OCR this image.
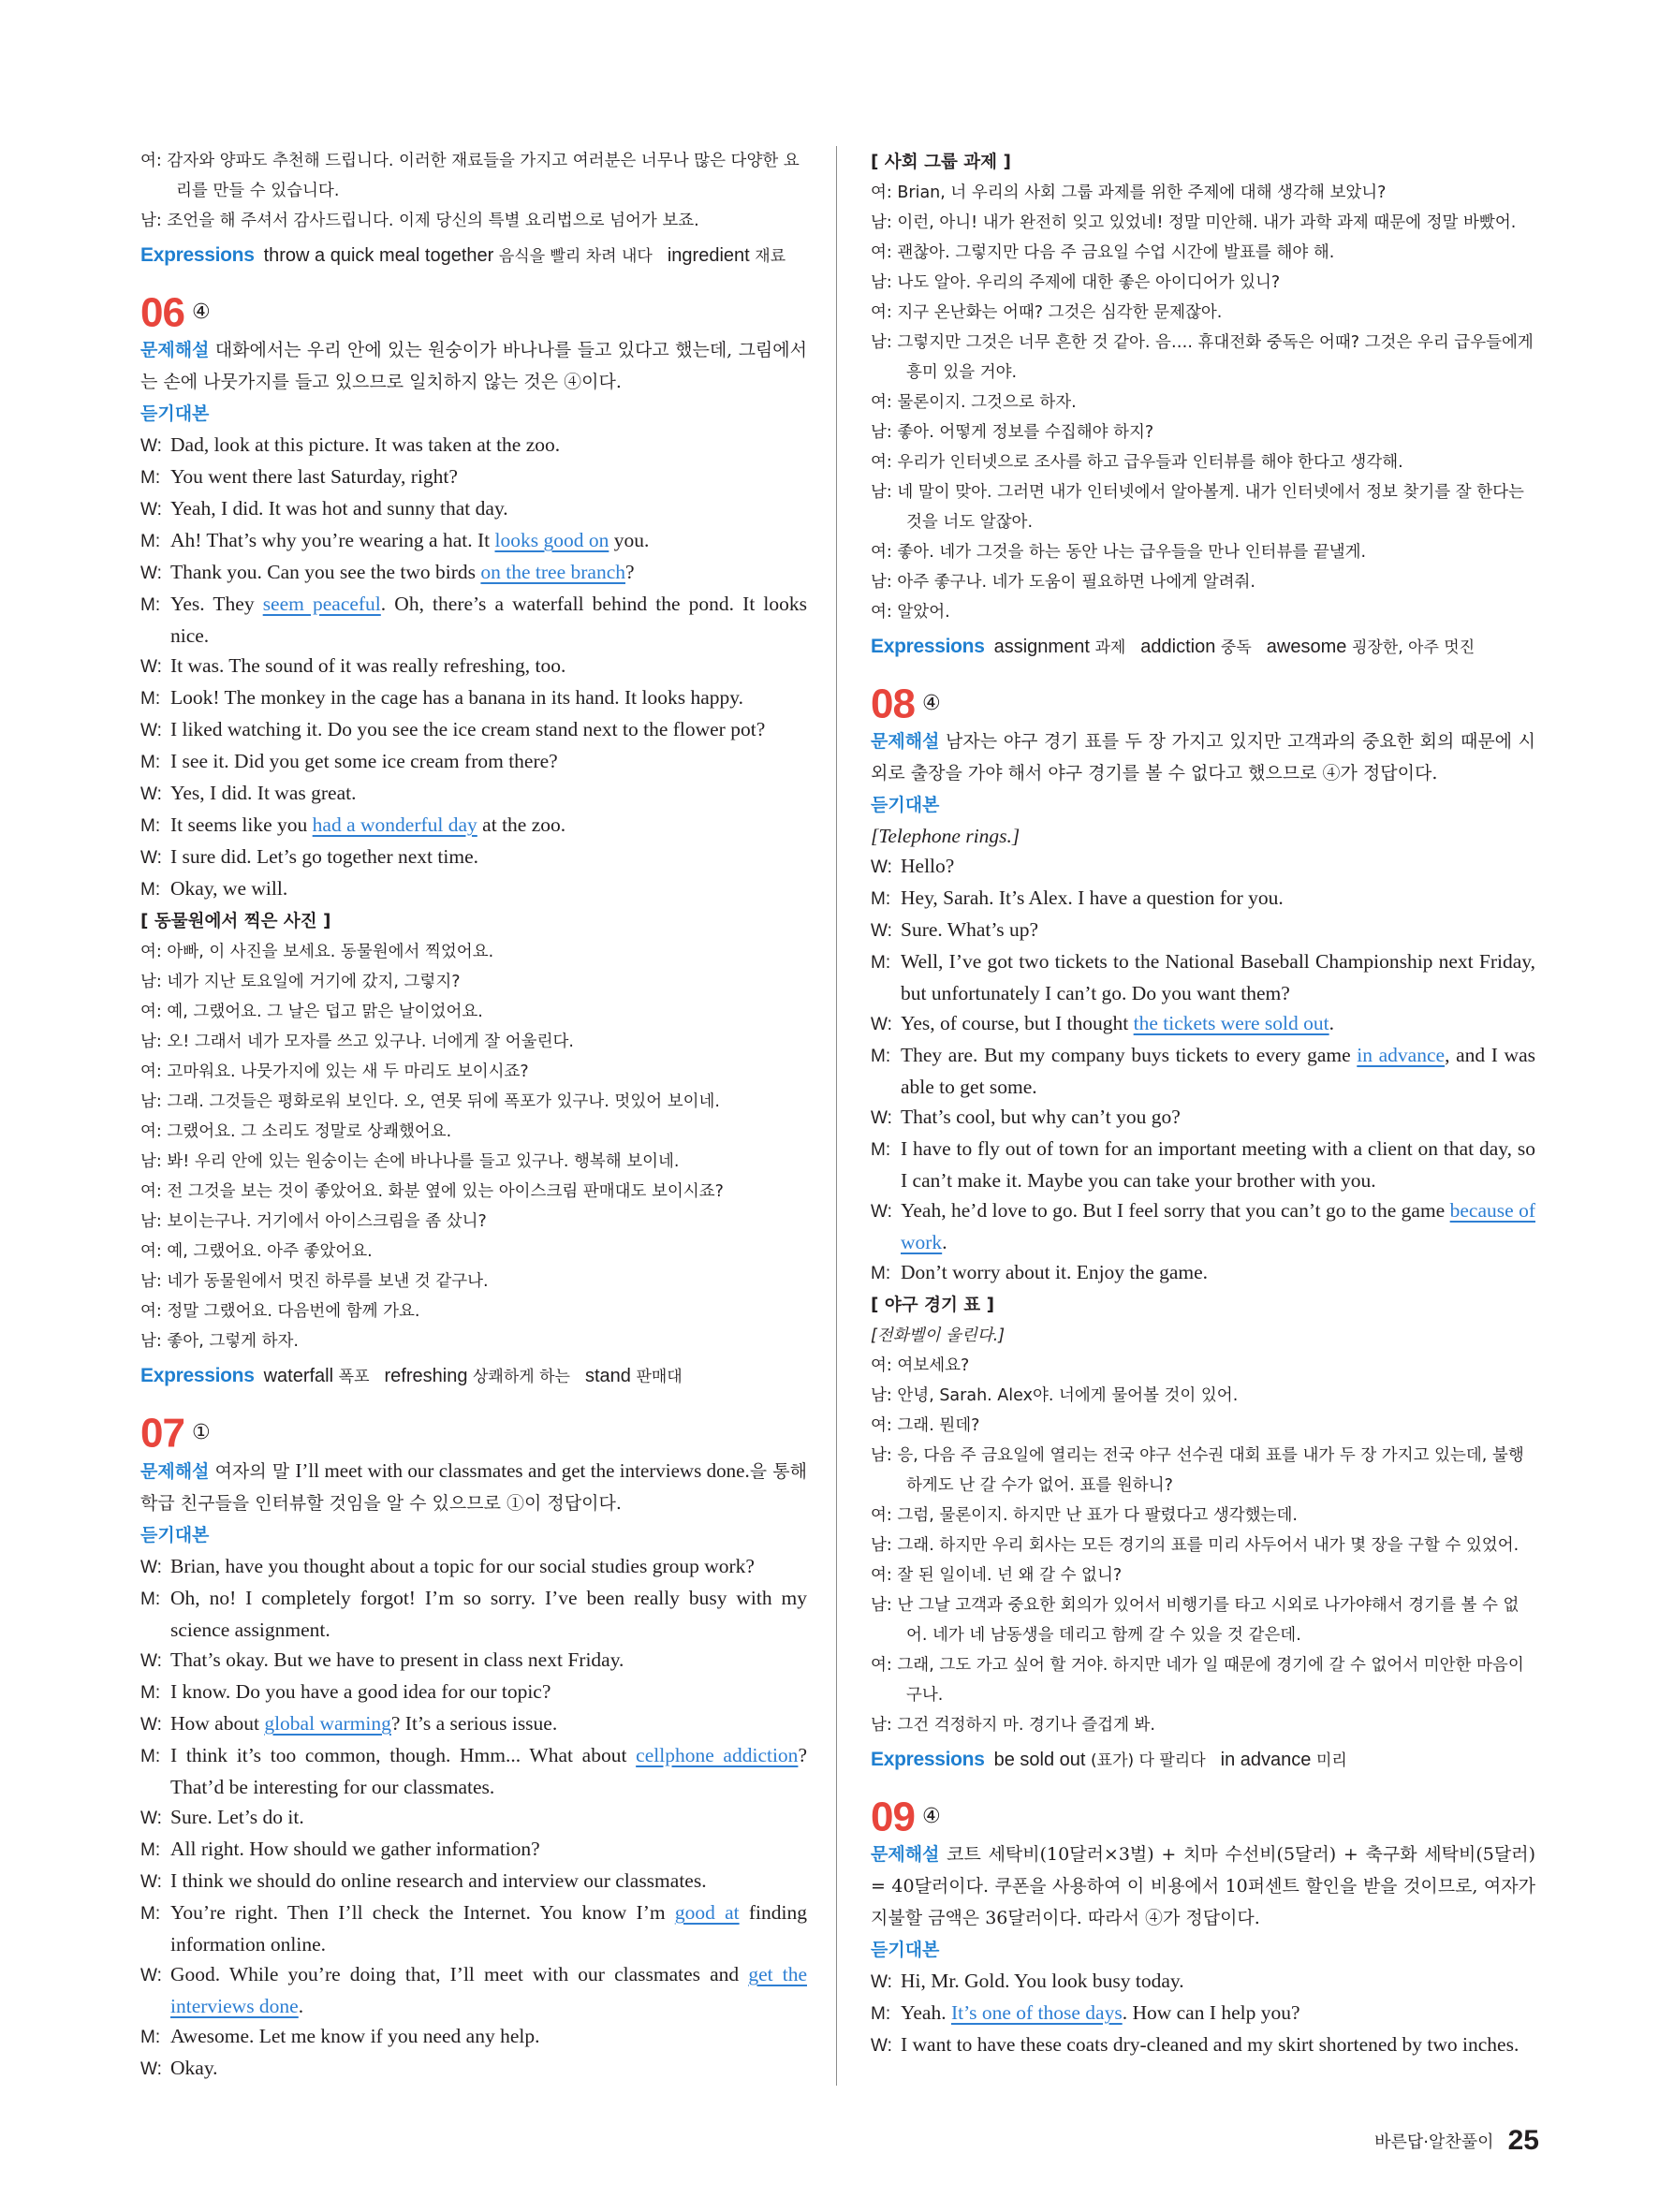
여: 감자와 양파도 추천해 드립니다. 이러한 재료들을 가지고 여러분은 너무나 많은 다양한 요리를 만들 수 있습니다.
남: 조언을 해 주셔서 감사드립니다. 이제 당신의 특별 요리법으로 넘어가 보죠.
Expressions throw a quick meal together 음식을 빨리 차려 내다 ingredient 재료
06 ④
문제해설 대화에서는 우리 안에 있는 원숭이가 바나나를 들고 있다고 했는데, 그림에서는 손에 나뭇가지를 들고 있으므로 일치하지 않는 것은 ④이다.
듣기대본
W: Dad, look at this picture. It was taken at the zoo.
M: You went there last Saturday, right?
W: Yeah, I did. It was hot and sunny that day.
M: Ah! That’s why you’re wearing a hat. It looks good on you.
W: Thank you. Can you see the two birds on the tree branch?
M: Yes. They seem peaceful. Oh, there’s a waterfall behind the pond. It looks nice.
W: It was. The sound of it was really refreshing, too.
M: Look! The monkey in the cage has a banana in its hand. It looks happy.
W: I liked watching it. Do you see the ice cream stand next to the flower pot?
M: I see it. Did you get some ice cream from there?
W: Yes, I did. It was great.
M: It seems like you had a wonderful day at the zoo.
W: I sure did. Let’s go together next time.
M: Okay, we will.
[ 동물원에서 찍은 사진 ]
여: 아빠, 이 사진을 보세요. 동물원에서 찍었어요.
남: 네가 지난 토요일에 거기에 갔지, 그렇지?
여: 예, 그랬어요. 그 날은 덥고 맑은 날이었어요.
남: 오! 그래서 네가 모자를 쓰고 있구나. 너에게 잘 어울린다.
여: 고마워요. 나뭇가지에 있는 새 두 마리도 보이시죠?
남: 그래. 그것들은 평화로워 보인다. 오, 연못 뒤에 폭포가 있구나. 멋있어 보이네.
여: 그랬어요. 그 소리도 정말로 상쾌했어요.
남: 봐! 우리 안에 있는 원숭이는 손에 바나나를 들고 있구나. 행복해 보이네.
여: 전 그것을 보는 것이 좋았어요. 화분 옆에 있는 아이스크림 판매대도 보이시죠?
남: 보이는구나. 거기에서 아이스크림을 좀 샀니?
여: 예, 그랬어요. 아주 좋았어요.
남: 네가 동물원에서 멋진 하루를 보낸 것 같구나.
여: 정말 그랬어요. 다음번에 함께 가요.
남: 좋아, 그렇게 하자.
Expressions waterfall 폭포 refreshing 상쾌하게 하는 stand 판매대
07 ①
문제해설 여자의 말 I’ll meet with our classmates and get the interviews done.을 통해 학급 친구들을 인터뷰할 것임을 알 수 있으므로 ①이 정답이다.
듣기대본
W: Brian, have you thought about a topic for our social studies group work?
M: Oh, no! I completely forgot! I’m so sorry. I’ve been really busy with my science assignment.
W: That’s okay. But we have to present in class next Friday.
M: I know. Do you have a good idea for our topic?
W: How about global warming? It’s a serious issue.
M: I think it’s too common, though. Hmm... What about cellphone addiction? That’d be interesting for our classmates.
W: Sure. Let’s do it.
M: All right. How should we gather information?
W: I think we should do online research and interview our classmates.
M: You’re right. Then I’ll check the Internet. You know I’m good at finding information online.
W: Good. While you’re doing that, I’ll meet with our classmates and get the interviews done.
M: Awesome. Let me know if you need any help.
W: Okay.
[ 사회 그룹 과제 ]
여: Brian, 너 우리의 사회 그룹 과제를 위한 주제에 대해 생각해 보았니?
남: 이런, 아니! 내가 완전히 잊고 있었네! 정말 미안해. 내가 과학 과제 때문에 정말 바빴어.
여: 괜찮아. 그렇지만 다음 주 금요일 수업 시간에 발표를 해야 해.
남: 나도 알아. 우리의 주제에 대한 좋은 아이디어가 있니?
여: 지구 온난화는 어때? 그것은 심각한 문제잖아.
남: 그렇지만 그것은 너무 흔한 것 같아. 음…. 휴대전화 중독은 어때? 그것은 우리 급우들에게 흥미 있을 거야.
여: 물론이지. 그것으로 하자.
남: 좋아. 어떻게 정보를 수집해야 하지?
여: 우리가 인터넷으로 조사를 하고 급우들과 인터뷰를 해야 한다고 생각해.
남: 네 말이 맞아. 그러면 내가 인터넷에서 알아볼게. 내가 인터넷에서 정보 찾기를 잘 한다는 것을 너도 알잖아.
여: 좋아. 네가 그것을 하는 동안 나는 급우들을 만나 인터뷰를 끝낼게.
남: 아주 좋구나. 네가 도움이 필요하면 나에게 알려줘.
여: 알았어.
Expressions assignment 과제 addiction 중독 awesome 굉장한, 아주 멋진
08 ④
문제해설 남자는 야구 경기 표를 두 장 가지고 있지만 고객과의 중요한 회의 때문에 시외로 출장을 가야 해서 야구 경기를 볼 수 없다고 했으므로 ④가 정답이다.
듣기대본
[Telephone rings.]
W: Hello?
M: Hey, Sarah. It’s Alex. I have a question for you.
W: Sure. What’s up?
M: Well, I’ve got two tickets to the National Baseball Championship next Friday, but unfortunately I can’t go. Do you want them?
W: Yes, of course, but I thought the tickets were sold out.
M: They are. But my company buys tickets to every game in advance, and I was able to get some.
W: That’s cool, but why can’t you go?
M: I have to fly out of town for an important meeting with a client on that day, so I can’t make it. Maybe you can take your brother with you.
W: Yeah, he’d love to go. But I feel sorry that you can’t go to the game because of work.
M: Don’t worry about it. Enjoy the game.
[ 야구 경기 표 ]
[전화벨이 울린다.]
여: 여보세요?
남: 안녕, Sarah. Alex야. 너에게 물어볼 것이 있어.
여: 그래. 뭔데?
남: 응, 다음 주 금요일에 열리는 전국 야구 선수권 대회 표를 내가 두 장 가지고 있는데, 불행하게도 난 갈 수가 없어. 표를 원하니?
여: 그럼, 물론이지. 하지만 난 표가 다 팔렸다고 생각했는데.
남: 그래. 하지만 우리 회사는 모든 경기의 표를 미리 사두어서 내가 몇 장을 구할 수 있었어.
여: 잘 된 일이네. 넌 왜 갈 수 없니?
남: 난 그날 고객과 중요한 회의가 있어서 비행기를 타고 시외로 나가야해서 경기를 볼 수 없어. 네가 네 남동생을 데리고 함께 갈 수 있을 것 같은데.
여: 그래, 그도 가고 싶어 할 거야. 하지만 네가 일 때문에 경기에 갈 수 없어서 미안한 마음이구나.
남: 그건 걱정하지 마. 경기나 즐겁게 봐.
Expressions be sold out (표가) 다 팔리다 in advance 미리
09 ④
문제해설 코트 세탁비(10달러×3벌) + 치마 수선비(5달러) + 축구화 세탁비(5달러) = 40달러이다. 쿠폰을 사용하여 이 비용에서 10퍼센트 할인을 받을 것이므로, 여자가 지불할 금액은 36달러이다. 따라서 ④가 정답이다.
듣기대본
W: Hi, Mr. Gold. You look busy today.
M: Yeah. It’s one of those days. How can I help you?
W: I want to have these coats dry-cleaned and my skirt shortened by two inches.
바른답·알찬풀이 25
